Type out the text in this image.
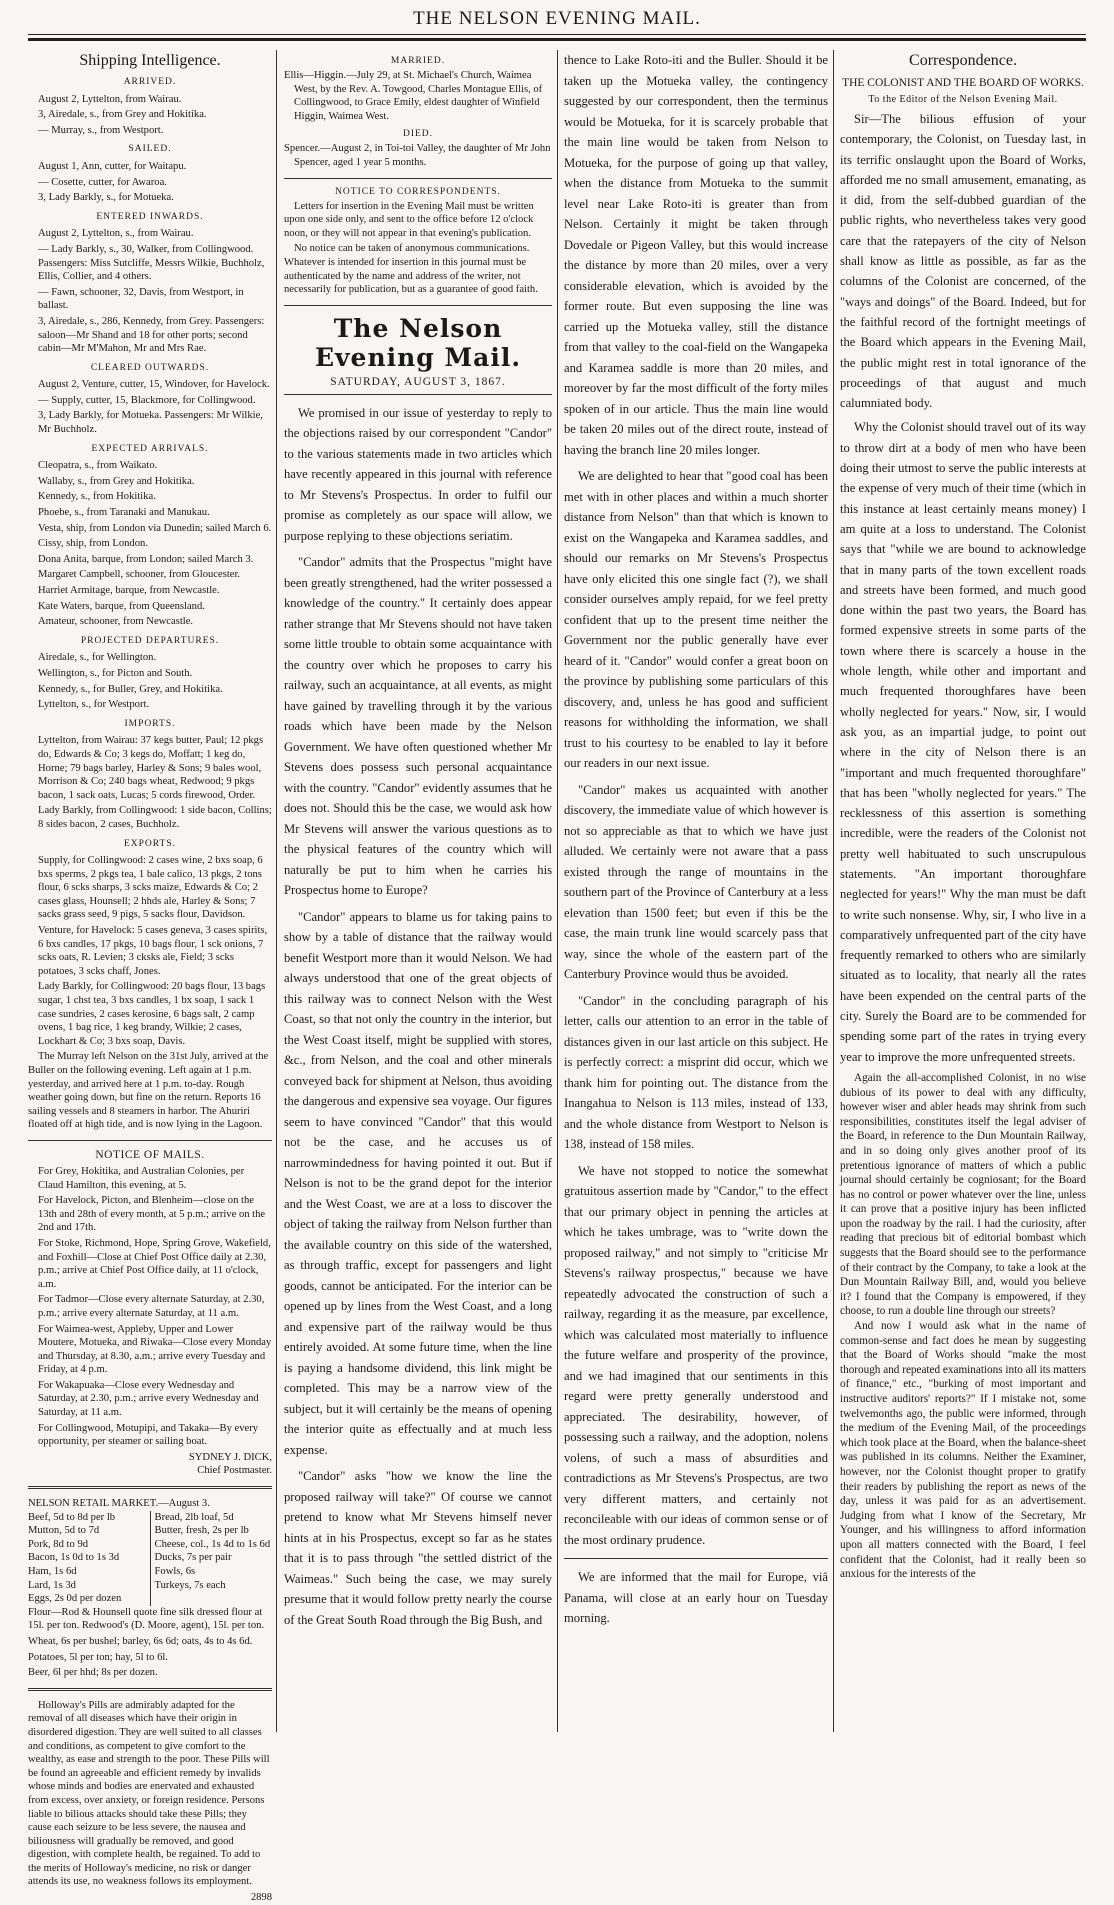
THE NELSON EVENING MAIL.
Shipping Intelligence.
ARRIVED.

August 2, Lyttelton, from Wairau.

3, Airedale, s., from Grey and Hokitika.

— Murray, s., from Westport.

SAILED.

August 1, Ann, cutter, for Waitapu.

— Cosette, cutter, for Awaroa.

3, Lady Barkly, s., for Motueka.

ENTERED INWARDS.

August 2, Lyttelton, s., from Wairau.

— Lady Barkly, s., 30, Walker, from Collingwood. Passengers: Miss Sutcliffe, Messrs Wilkie, Buchholz, Ellis, Collier, and 4 others.

— Fawn, schooner, 32, Davis, from Westport, in ballast.

3, Airedale, s., 286, Kennedy, from Grey. Passengers: saloon—Mr Shand and 18 for other ports; second cabin—Mr M'Mahon, Mr and Mrs Rae.

CLEARED OUTWARDS.

August 2, Venture, cutter, 15, Windover, for Havelock.

— Supply, cutter, 15, Blackmore, for Collingwood.

3, Lady Barkly, for Motueka. Passengers: Mr Wilkie, Mr Buchholz.

EXPECTED ARRIVALS.

Cleopatra, s., from Waikato.

Wallaby, s., from Grey and Hokitika.

Kennedy, s., from Hokitika.

Phoebe, s., from Taranaki and Manukau.

Vesta, ship, from London via Dunedin; sailed March 6.

Cissy, ship, from London.

Dona Anita, barque, from London; sailed March 3.

Margaret Campbell, schooner, from Gloucester.

Harriet Armitage, barque, from Newcastle.

Kate Waters, barque, from Queensland.

Amateur, schooner, from Newcastle.

PROJECTED DEPARTURES.

Airedale, s., for Wellington.

Wellington, s., for Picton and South.

Kennedy, s., for Buller, Grey, and Hokitika.

Lyttelton, s., for Westport.

IMPORTS.

Lyttelton, from Wairau: 37 kegs butter, Paul; 12 pkgs do, Edwards & Co; 3 kegs do, Moffatt; 1 keg do, Horne; 79 bags barley, Harley & Sons; 9 bales wool, Morrison & Co; 240 bags wheat, Redwood; 9 pkgs bacon, 1 sack oats, Lucas; 5 cords firewood, Order.

Lady Barkly, from Collingwood: 1 side bacon, Collins; 8 sides bacon, 2 cases, Buchholz.

EXPORTS.

Supply, for Collingwood: 2 cases wine, 2 bxs soap, 6 bxs sperms, 2 pkgs tea, 1 bale calico, 13 pkgs, 2 tons flour, 6 scks sharps, 3 scks maize, Edwards & Co; 2 cases glass, Hounsell; 2 hhds ale, Harley & Sons; 7 sacks grass seed, 9 pigs, 5 sacks flour, Davidson.

Venture, for Havelock: 5 cases geneva, 3 cases spirits, 6 bxs candles, 17 pkgs, 10 bags flour, 1 sck onions, 7 scks oats, R. Levien; 3 cksks ale, Field; 3 scks potatoes, 3 scks chaff, Jones.

Lady Barkly, for Collingwood: 20 bags flour, 13 bags sugar, 1 chst tea, 3 bxs candles, 1 bx soap, 1 sack 1 case sundries, 2 cases kerosine, 6 bags salt, 2 camp ovens, 1 bag rice, 1 keg brandy, Wilkie; 2 cases, Lockhart & Co; 3 bxs soap, Davis.

The Murray left Nelson on the 31st July, arrived at the Buller on the following evening. Left again at 1 p.m. yesterday, and arrived here at 1 p.m. to-day. Rough weather going down, but fine on the return. Reports 16 sailing vessels and 8 steamers in harbor. The Ahuriri floated off at high tide, and is now lying in the Lagoon.

NOTICE OF MAILS.

For Grey, Hokitika, and Australian Colonies, per Claud Hamilton, this evening, at 5.

For Havelock, Picton, and Blenheim—close on the 13th and 28th of every month, at 5 p.m.; arrive on the 2nd and 17th.

For Stoke, Richmond, Hope, Spring Grove, Wakefield, and Foxhill—Close at Chief Post Office daily at 2.30, p.m.; arrive at Chief Post Office daily, at 11 o'clock, a.m.

For Tadmor—Close every alternate Saturday, at 2.30, p.m.; arrive every alternate Saturday, at 11 a.m.

For Waimea-west, Appleby, Upper and Lower Moutere, Motueka, and Riwaka—Close every Monday and Thursday, at 8.30, a.m.; arrive every Tuesday and Friday, at 4 p.m.

For Wakapuaka—Close every Wednesday and Saturday, at 2.30, p.m.; arrive every Wednesday and Saturday, at 11 a.m.

For Collingwood, Motupipi, and Takaka—By every opportunity, per steamer or sailing boat.

SYDNEY J. DICK,
Chief Postmaster.
NELSON RETAIL MARKET.—August 3.
Beef, 5d to 8d per lb
Mutton, 5d to 7d
Pork, 8d to 9d
Bacon, 1s 0d to 1s 3d
Ham, 1s 6d
Lard, 1s 3d
Eggs, 2s 0d per dozen
Bread, 2lb loaf, 5d
Butter, fresh, 2s per lb
Cheese, col., 1s 4d to 1s 6d
Ducks, 7s per pair
Fowls, 6s
Turkeys, 7s each

Flour—Rod & Hounsell quote fine silk dressed flour at 15l. per ton. Redwood's (D. Moore, agent), 15l. per ton.

Wheat, 6s per bushel; barley, 6s 6d; oats, 4s to 4s 6d.

Potatoes, 5l per ton; hay, 5l to 6l.

Beer, 6l per hhd; 8s per dozen.

Holloway's Pills are admirably adapted for the removal of all diseases which have their origin in disordered digestion. They are well suited to all classes and conditions, as competent to give comfort to the wealthy, as ease and strength to the poor. These Pills will be found an agreeable and efficient remedy by invalids whose minds and bodies are enervated and exhausted from excess, over anxiety, or foreign residence. Persons liable to bilious attacks should take these Pills; they cause each seizure to be less severe, the nausea and biliousness will gradually be removed, and good digestion, with complete health, be regained. To add to the merits of Holloway's medicine, no risk or danger attends its use, no weakness follows its employment.

2898
MARRIED.

Ellis—Higgin.—July 29, at St. Michael's Church, Waimea West, by the Rev. A. Towgood, Charles Montague Ellis, of Collingwood, to Grace Emily, eldest daughter of Winfield Higgin, Waimea West.

DIED.

Spencer.—August 2, in Toi-toi Valley, the daughter of Mr John Spencer, aged 1 year 5 months.

NOTICE TO CORRESPONDENTS.

Letters for insertion in the Evening Mail must be written upon one side only, and sent to the office before 12 o'clock noon, or they will not appear in that evening's publication.

No notice can be taken of anonymous communications. Whatever is intended for insertion in this journal must be authenticated by the name and address of the writer, not necessarily for publication, but as a guarantee of good faith.

The Nelson Evening Mail.
SATURDAY, AUGUST 3, 1867.

We promised in our issue of yesterday to reply to the objections raised by our correspondent "Candor" to the various statements made in two articles which have recently appeared in this journal with reference to Mr Stevens's Prospectus. In order to fulfil our promise as completely as our space will allow, we purpose replying to these objections seriatim.

"Candor" admits that the Prospectus "might have been greatly strengthened, had the writer possessed a knowledge of the country." It certainly does appear rather strange that Mr Stevens should not have taken some little trouble to obtain some acquaintance with the country over which he proposes to carry his railway, such an acquaintance, at all events, as might have gained by travelling through it by the various roads which have been made by the Nelson Government. We have often questioned whether Mr Stevens does possess such personal acquaintance with the country. "Candor" evidently assumes that he does not. Should this be the case, we would ask how Mr Stevens will answer the various questions as to the physical features of the country which will naturally be put to him when he carries his Prospectus home to Europe?

"Candor" appears to blame us for taking pains to show by a table of distance that the railway would benefit Westport more than it would Nelson. We had always understood that one of the great objects of this railway was to connect Nelson with the West Coast, so that not only the country in the interior, but the West Coast itself, might be supplied with stores, &c., from Nelson, and the coal and other minerals conveyed back for shipment at Nelson, thus avoiding the dangerous and expensive sea voyage. Our figures seem to have convinced "Candor" that this would not be the case, and he accuses us of narrowmindedness for having pointed it out. But if Nelson is not to be the grand depot for the interior and the West Coast, we are at a loss to discover the object of taking the railway from Nelson further than the available country on this side of the watershed, as through traffic, except for passengers and light goods, cannot be anticipated. For the interior can be opened up by lines from the West Coast, and a long and expensive part of the railway would be thus entirely avoided. At some future time, when the line is paying a handsome dividend, this link might be completed. This may be a narrow view of the subject, but it will certainly be the means of opening the interior quite as effectually and at much less expense.

"Candor" asks "how we know the line the proposed railway will take?" Of course we cannot pretend to know what Mr Stevens himself never hints at in his Prospectus, except so far as he states that it is to pass through "the settled district of the Waimeas." Such being the case, we may surely presume that it would follow pretty nearly the course of the Great South Road through the Big Bush, and

thence to Lake Roto-iti and the Buller. Should it be taken up the Motueka valley, the contingency suggested by our correspondent, then the terminus would be Motueka, for it is scarcely probable that the main line would be taken from Nelson to Motueka, for the purpose of going up that valley, when the distance from Motueka to the summit level near Lake Roto-iti is greater than from Nelson. Certainly it might be taken through Dovedale or Pigeon Valley, but this would increase the distance by more than 20 miles, over a very considerable elevation, which is avoided by the former route. But even supposing the line was carried up the Motueka valley, still the distance from that valley to the coal-field on the Wangapeka and Karamea saddle is more than 20 miles, and moreover by far the most difficult of the forty miles spoken of in our article. Thus the main line would be taken 20 miles out of the direct route, instead of having the branch line 20 miles longer.

We are delighted to hear that "good coal has been met with in other places and within a much shorter distance from Nelson" than that which is known to exist on the Wangapeka and Karamea saddles, and should our remarks on Mr Stevens's Prospectus have only elicited this one single fact (?), we shall consider ourselves amply repaid, for we feel pretty confident that up to the present time neither the Government nor the public generally have ever heard of it. "Candor" would confer a great boon on the province by publishing some particulars of this discovery, and, unless he has good and sufficient reasons for withholding the information, we shall trust to his courtesy to be enabled to lay it before our readers in our next issue.

"Candor" makes us acquainted with another discovery, the immediate value of which however is not so appreciable as that to which we have just alluded. We certainly were not aware that a pass existed through the range of mountains in the southern part of the Province of Canterbury at a less elevation than 1500 feet; but even if this be the case, the main trunk line would scarcely pass that way, since the whole of the eastern part of the Canterbury Province would thus be avoided.

"Candor" in the concluding paragraph of his letter, calls our attention to an error in the table of distances given in our last article on this subject. He is perfectly correct: a misprint did occur, which we thank him for pointing out. The distance from the Inangahua to Nelson is 113 miles, instead of 133, and the whole distance from Westport to Nelson is 138, instead of 158 miles.

We have not stopped to notice the somewhat gratuitous assertion made by "Candor," to the effect that our primary object in penning the articles at which he takes umbrage, was to "write down the proposed railway," and not simply to "criticise Mr Stevens's railway prospectus," because we have repeatedly advocated the construction of such a railway, regarding it as the measure, par excellence, which was calculated most materially to influence the future welfare and prosperity of the province, and we had imagined that our sentiments in this regard were pretty generally understood and appreciated. The desirability, however, of possessing such a railway, and the adoption, nolens volens, of such a mass of absurdities and contradictions as Mr Stevens's Prospectus, are two very different matters, and certainly not reconcileable with our ideas of common sense or of the most ordinary prudence.

We are informed that the mail for Europe, viâ Panama, will close at an early hour on Tuesday morning.

Correspondence.
THE COLONIST AND THE BOARD OF WORKS.
To the Editor of the Nelson Evening Mail.

Sir—The bilious effusion of your contemporary, the Colonist, on Tuesday last, in its terrific onslaught upon the Board of Works, afforded me no small amusement, emanating, as it did, from the self-dubbed guardian of the public rights, who nevertheless takes very good care that the ratepayers of the city of Nelson shall know as little as possible, as far as the columns of the Colonist are concerned, of the "ways and doings" of the Board. Indeed, but for the faithful record of the fortnight meetings of the Board which appears in the Evening Mail, the public might rest in total ignorance of the proceedings of that august and much calumniated body.

Why the Colonist should travel out of its way to throw dirt at a body of men who have been doing their utmost to serve the public interests at the expense of very much of their time (which in this instance at least certainly means money) I am quite at a loss to understand. The Colonist says that "while we are bound to acknowledge that in many parts of the town excellent roads and streets have been formed, and much good done within the past two years, the Board has formed expensive streets in some parts of the town where there is scarcely a house in the whole length, while other and important and much frequented thoroughfares have been wholly neglected for years." Now, sir, I would ask you, as an impartial judge, to point out where in the city of Nelson there is an "important and much frequented thoroughfare" that has been "wholly neglected for years." The recklessness of this assertion is something incredible, were the readers of the Colonist not pretty well habituated to such unscrupulous statements. "An important thoroughfare neglected for years!" Why the man must be daft to write such nonsense. Why, sir, I who live in a comparatively unfrequented part of the city have frequently remarked to others who are similarly situated as to locality, that nearly all the rates have been expended on the central parts of the city. Surely the Board are to be commended for spending some part of the rates in trying every year to improve the more unfrequented streets.

Again the all-accomplished Colonist, in no wise dubious of its power to deal with any difficulty, however wiser and abler heads may shrink from such responsibilities, constitutes itself the legal adviser of the Board, in reference to the Dun Mountain Railway, and in so doing only gives another proof of its pretentious ignorance of matters of which a public journal should certainly be cogniosant; for the Board has no control or power whatever over the line, unless it can prove that a positive injury has been inflicted upon the roadway by the rail. I had the curiosity, after reading that precious bit of editorial bombast which suggests that the Board should see to the performance of their contract by the Company, to take a look at the Dun Mountain Railway Bill, and, would you believe it? I found that the Company is empowered, if they choose, to run a double line through our streets?

And now I would ask what in the name of common-sense and fact does he mean by suggesting that the Board of Works should "make the most thorough and repeated examinations into all its matters of finance," etc., "burking of most important and instructive auditors' reports?" If I mistake not, some twelvemonths ago, the public were informed, through the medium of the Evening Mail, of the proceedings which took place at the Board, when the balance-sheet was published in its columns. Neither the Examiner, however, nor the Colonist thought proper to gratify their readers by publishing the report as news of the day, unless it was paid for as an advertisement. Judging from what I know of the Secretary, Mr Younger, and his willingness to afford information upon all matters connected with the Board, I feel confident that the Colonist, had it really been so anxious for the interests of the
